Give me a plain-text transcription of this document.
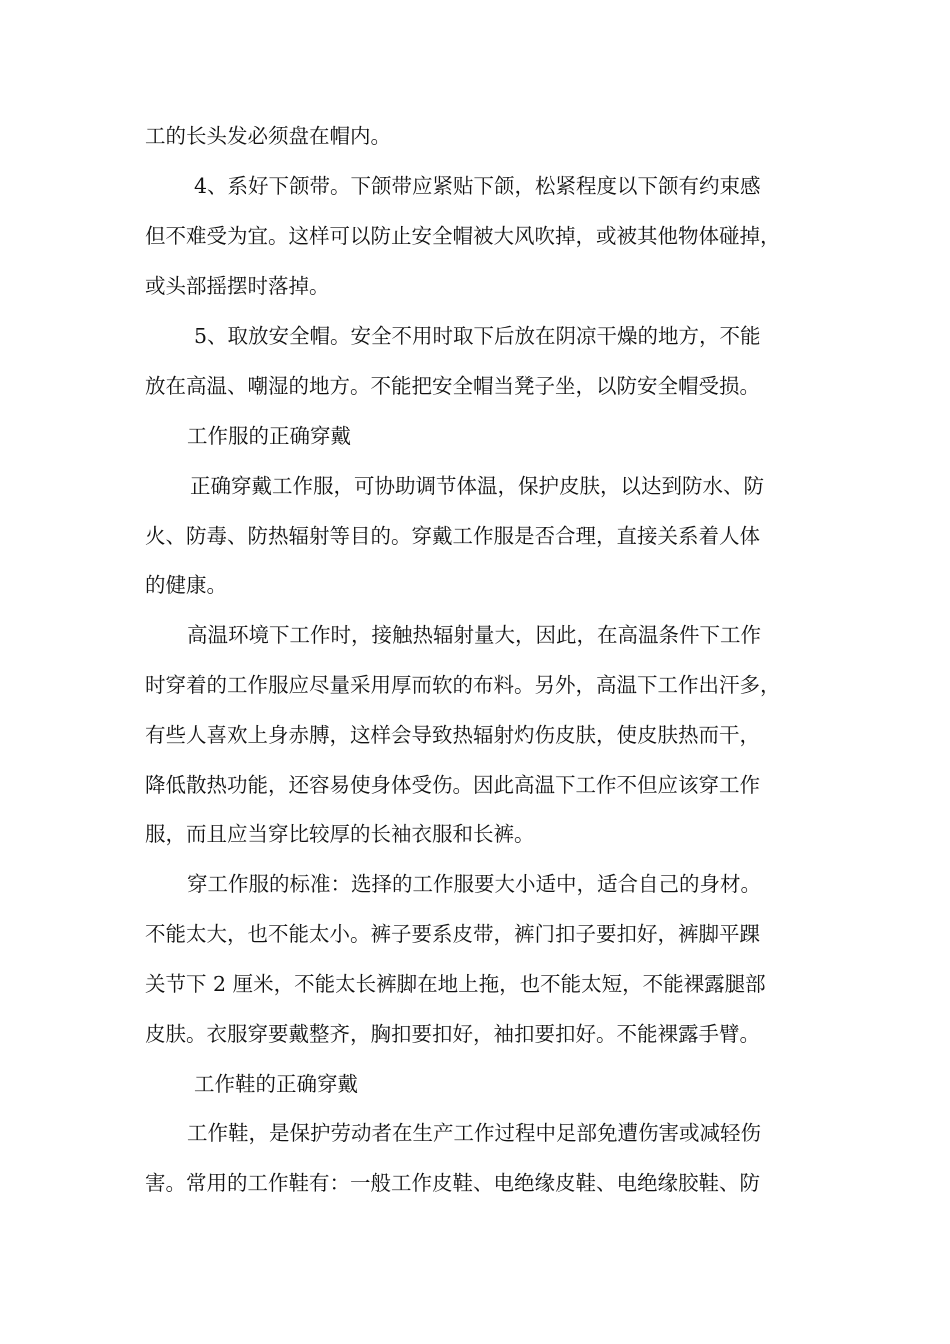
工的长头发必须盘在帽内。
4、系好下颌带。下颌带应紧贴下颌，松紧程度以下颌有约束感
但不难受为宜。这样可以防止安全帽被大风吹掉，或被其他物体碰掉，
或头部摇摆时落掉。
5、取放安全帽。安全不用时取下后放在阴凉干燥的地方，不能
放在高温、嘲湿的地方。不能把安全帽当凳子坐，以防安全帽受损。
工作服的正确穿戴
正确穿戴工作服，可协助调节体温，保护皮肤，以达到防水、防
火、防毒、防热辐射等目的。穿戴工作服是否合理，直接关系着人体
的健康。
高温环境下工作时，接触热辐射量大，因此，在高温条件下工作
时穿着的工作服应尽量采用厚而软的布料。另外，高温下工作出汗多，
有些人喜欢上身赤膊，这样会导致热辐射灼伤皮肤，使皮肤热而干，
降低散热功能，还容易使身体受伤。因此高温下工作不但应该穿工作
服，而且应当穿比较厚的长袖衣服和长裤。
穿工作服的标准：选择的工作服要大小适中，适合自己的身材。
不能太大，也不能太小。裤子要系皮带，裤门扣子要扣好，裤脚平踝
关节下 2 厘米，不能太长裤脚在地上拖，也不能太短，不能裸露腿部
皮肤。衣服穿要戴整齐，胸扣要扣好，袖扣要扣好。不能裸露手臂。
工作鞋的正确穿戴
工作鞋，是保护劳动者在生产工作过程中足部免遭伤害或减轻伤
害。常用的工作鞋有：一般工作皮鞋、电绝缘皮鞋、电绝缘胶鞋、防
